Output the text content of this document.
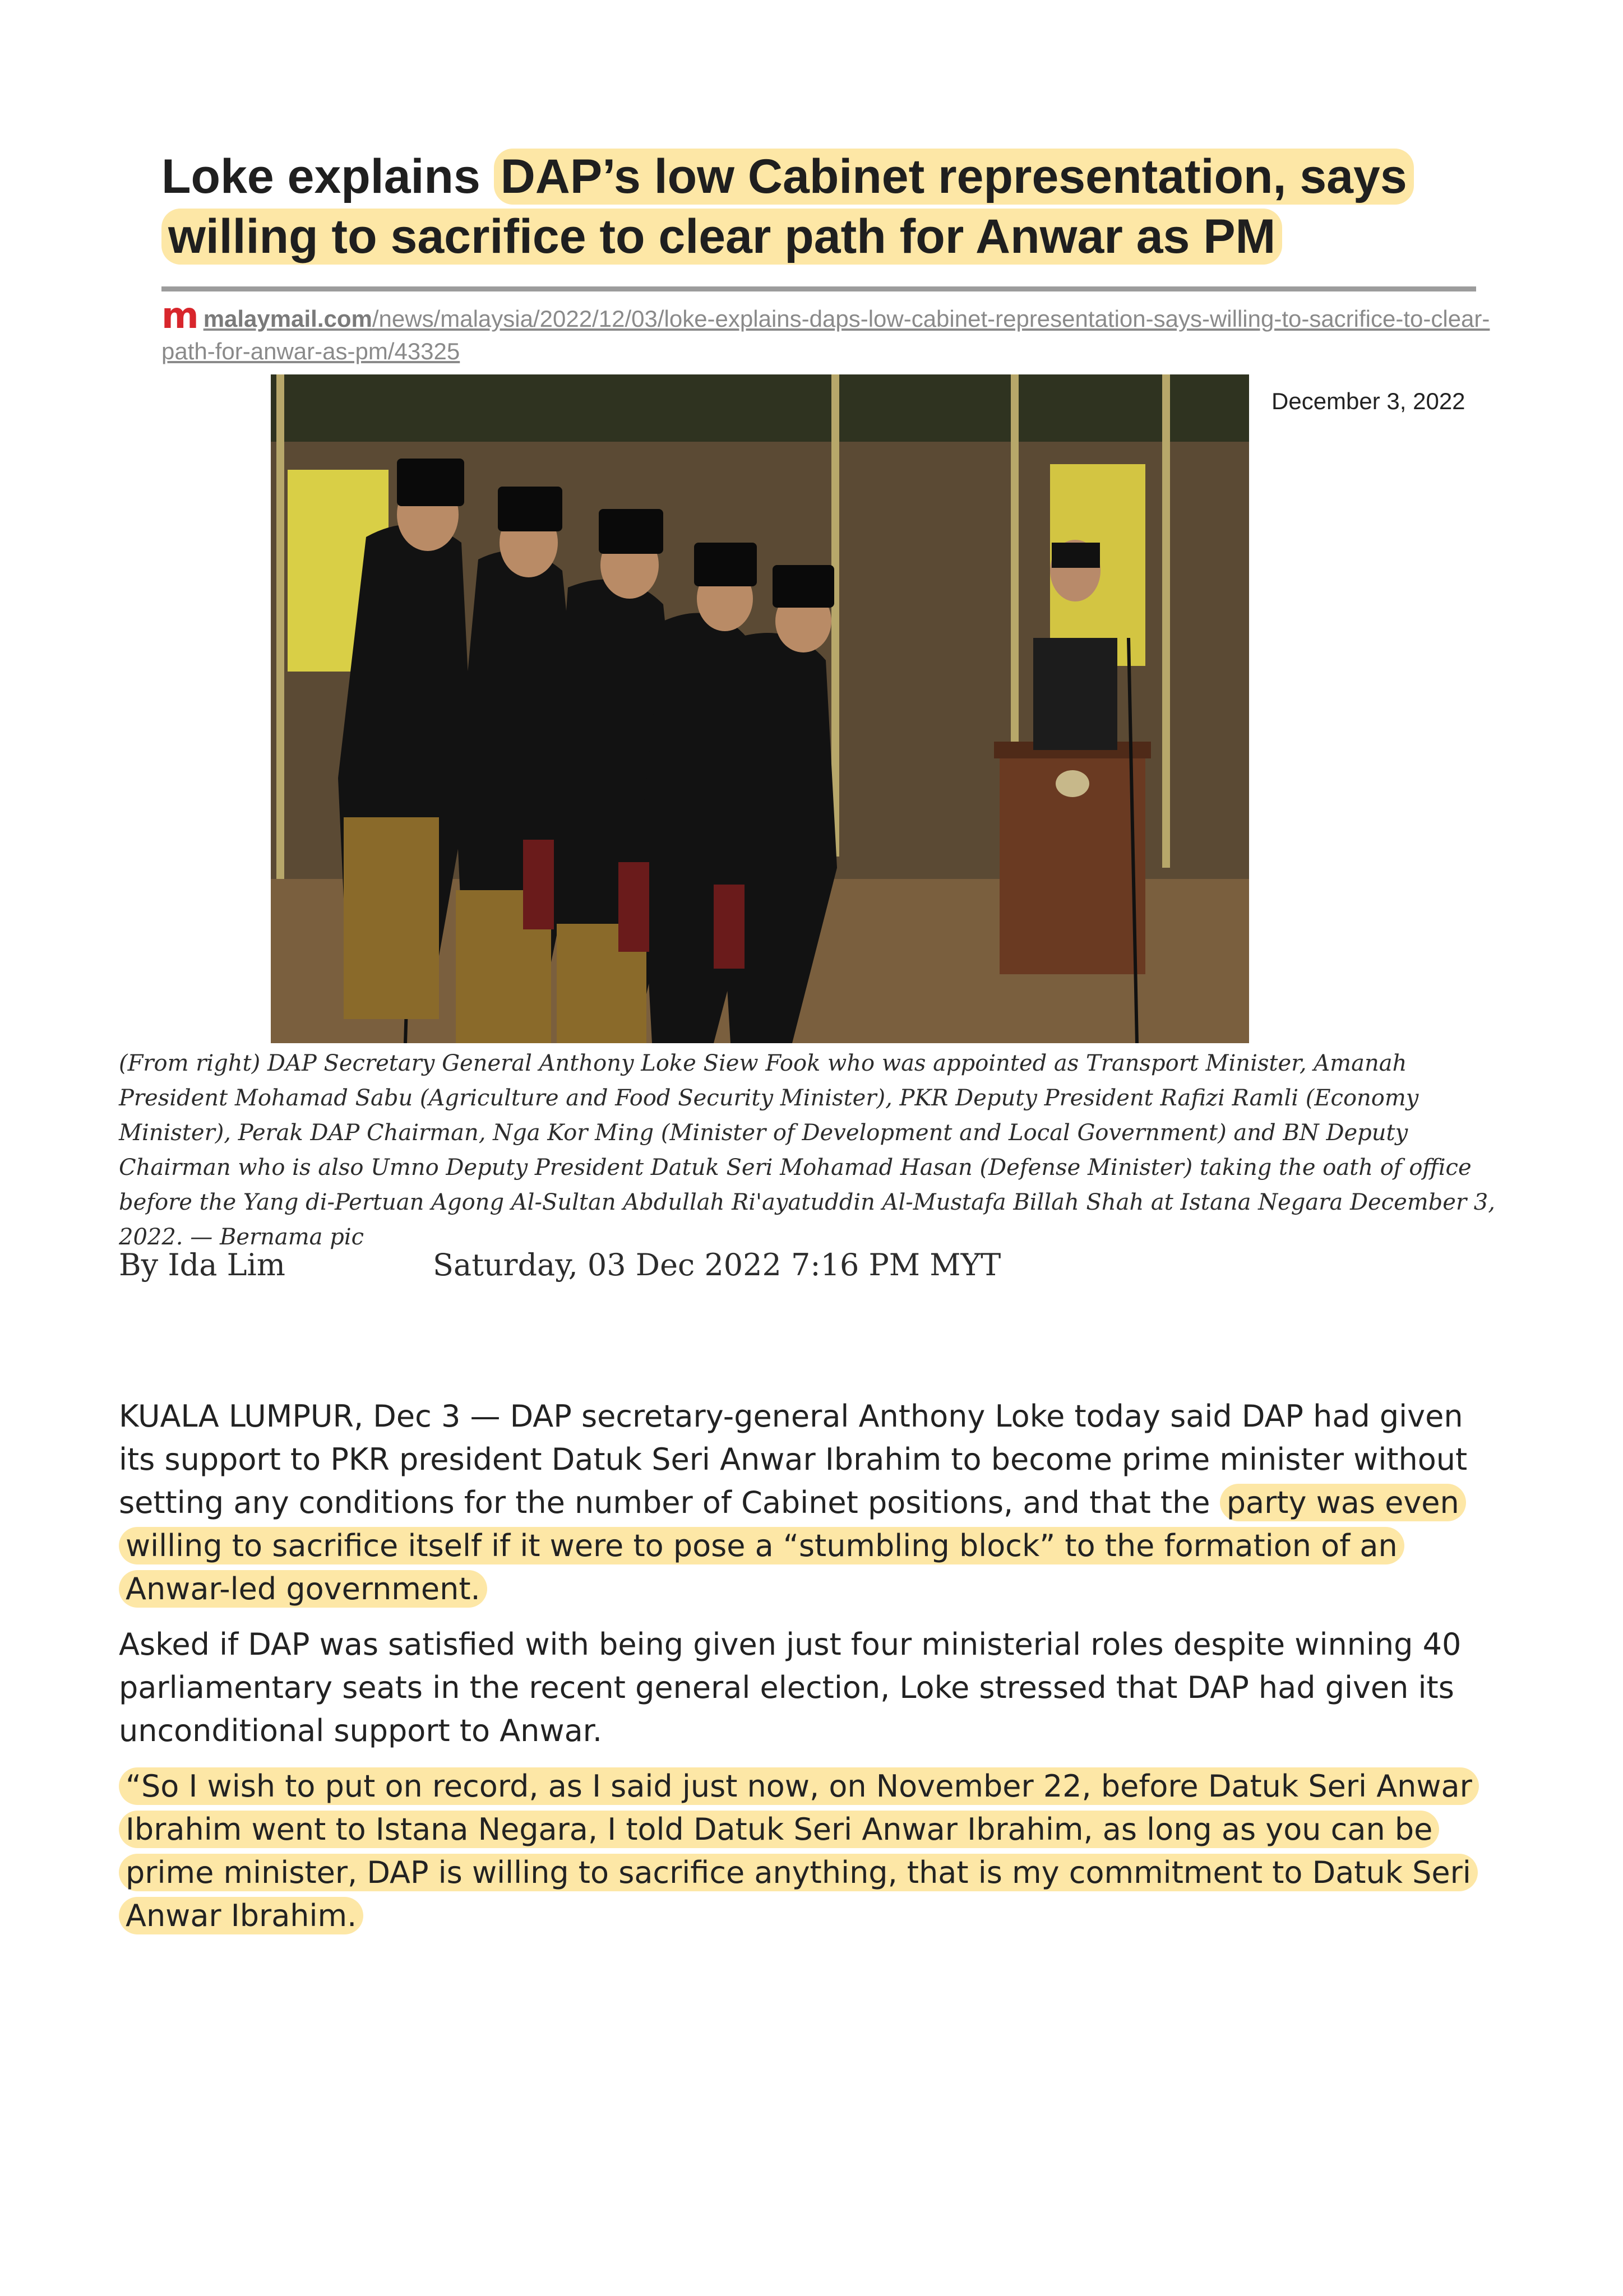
Loke explains DAP’s low Cabinet representation, says willing to sacrifice to clear path for Anwar as PM
mmalaymail.com/news/malaysia/2022/12/03/loke-explains-daps-low-cabinet-representation-says-willing-to-sacrifice-to-clear-path-for-anwar-as-pm/43325
December 3, 2022
(From right) DAP Secretary General Anthony Loke Siew Fook who was appointed as Transport Minister, Amanah President Mohamad Sabu (Agriculture and Food Security Minister), PKR Deputy President Rafizi Ramli (Economy Minister), Perak DAP Chairman, Nga Kor Ming (Minister of Development and Local Government) and BN Deputy Chairman who is also Umno Deputy President Datuk Seri Mohamad Hasan (Defense Minister) taking the oath of office before the Yang di-Pertuan Agong Al-Sultan Abdullah Ri'ayatuddin Al-Mustafa Billah Shah at Istana Negara December 3, 2022. — Bernama pic
By Ida Lim	Saturday, 03 Dec 2022 7:16 PM MYT

KUALA LUMPUR, Dec 3 — DAP secretary-general Anthony Loke today said DAP had given its support to PKR president Datuk Seri Anwar Ibrahim to become prime minister without setting any conditions for the number of Cabinet positions, and that the party was even willing to sacrifice itself if it were to pose a “stumbling block” to the formation of an Anwar-led government.

Asked if DAP was satisfied with being given just four ministerial roles despite winning 40 parliamentary seats in the recent general election, Loke stressed that DAP had given its unconditional support to Anwar.

“So I wish to put on record, as I said just now, on November 22, before Datuk Seri Anwar Ibrahim went to Istana Negara, I told Datuk Seri Anwar Ibrahim, as long as you can be prime minister, DAP is willing to sacrifice anything, that is my commitment to Datuk Seri Anwar Ibrahim.
